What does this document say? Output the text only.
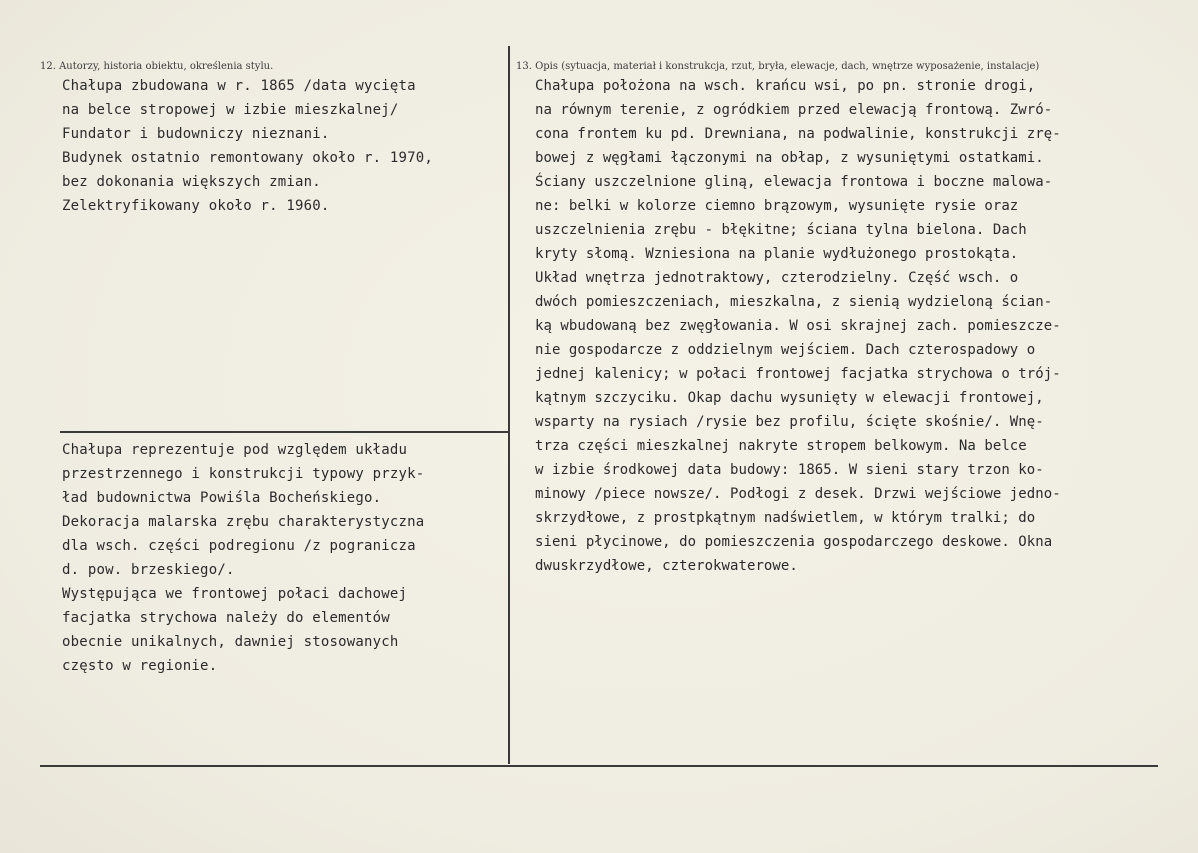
12. Autorzy, historia obiektu, określenia stylu.	13. Opis (sytuacja, materiał i konstrukcja, rzut, bryła, elewacje, dach, wnętrze wyposażenie, instalacje)
Chałupa zbudowana w r. 1865 /data wycięta
na belce stropowej w izbie mieszkalnej/
Fundator i budowniczy nieznani.
Budynek ostatnio remontowany około r. 1970,
bez dokonania większych zmian.
Zelektryfikowany około r. 1960.
Chałupa reprezentuje pod względem układu
przestrzennego i konstrukcji typowy przyk-
ład budownictwa Powiśla Bocheńskiego.
Dekoracja malarska zrębu charakterystyczna
dla wsch. części podregionu /z pogranicza
d. pow. brzeskiego/.
Występująca we frontowej połaci dachowej
facjatka strychowa należy do elementów
obecnie unikalnych, dawniej stosowanych
często w regionie.
Chałupa położona na wsch. krańcu wsi, po pn. stronie drogi,
na równym terenie, z ogródkiem przed elewacją frontową. Zwró-
cona frontem ku pd. Drewniana, na podwalinie, konstrukcji zrę-
bowej z węgłami łączonymi na obłap, z wysuniętymi ostatkami.
Ściany uszczelnione gliną, elewacja frontowa i boczne malowa-
ne: belki w kolorze ciemno brązowym, wysunięte rysie oraz
uszczelnienia zrębu - błękitne; ściana tylna bielona. Dach
kryty słomą. Wzniesiona na planie wydłużonego prostokąta.
Układ wnętrza jednotraktowy, czterodzielny. Część wsch. o
dwóch pomieszczeniach, mieszkalna, z sienią wydzieloną ścian-
ką wbudowaną bez zwęgłowania. W osi skrajnej zach. pomieszcze-
nie gospodarcze z oddzielnym wejściem. Dach czterospadowy o
jednej kalenicy; w połaci frontowej facjatka strychowa o trój-
kątnym szczyciku. Okap dachu wysunięty w elewacji frontowej,
wsparty na rysiach /rysie bez profilu, ścięte skośnie/. Wnę-
trza części mieszkalnej nakryte stropem belkowym. Na belce
w izbie środkowej data budowy: 1865. W sieni stary trzon ko-
minowy /piece nowsze/. Podłogi z desek. Drzwi wejściowe jedno-
skrzydłowe, z prostpkątnym nadświetlem, w którym tralki; do
sieni płycinowe, do pomieszczenia gospodarczego deskowe. Okna
dwuskrzydłowe, czterokwaterowe.
